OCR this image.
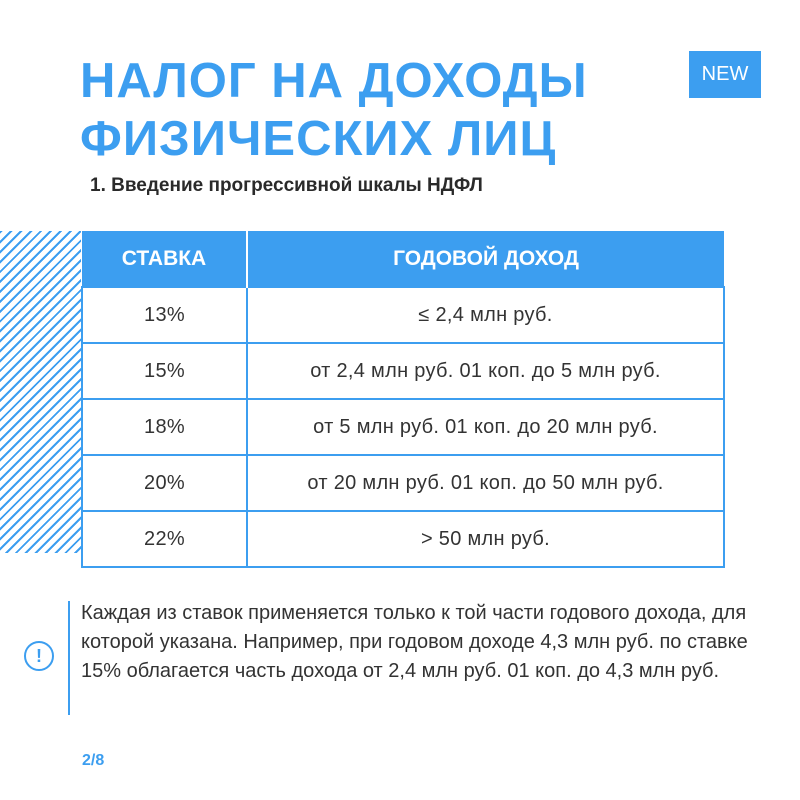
НАЛОГ НА ДОХОДЫ
ФИЗИЧЕСКИХ ЛИЦ
NEW
1. Введение прогрессивной шкалы НДФЛ
СТАВКА	ГОДОВОЙ ДОХОД
13%	≤ 2,4 млн руб.
15%	от 2,4 млн руб. 01 коп. до 5 млн руб.
18%	от 5 млн руб. 01 коп. до 20 млн руб.
20%	от 20 млн руб. 01 коп. до 50 млн руб.
22%	> 50 млн руб.
!

Каждая из ставок применяется только к той части годового дохода, для которой указана. Например, при годовом доходе 4,3 млн руб. по ставке 15% облагается часть дохода от 2,4 млн руб. 01 коп. до 4,3 млн руб.

2/8
